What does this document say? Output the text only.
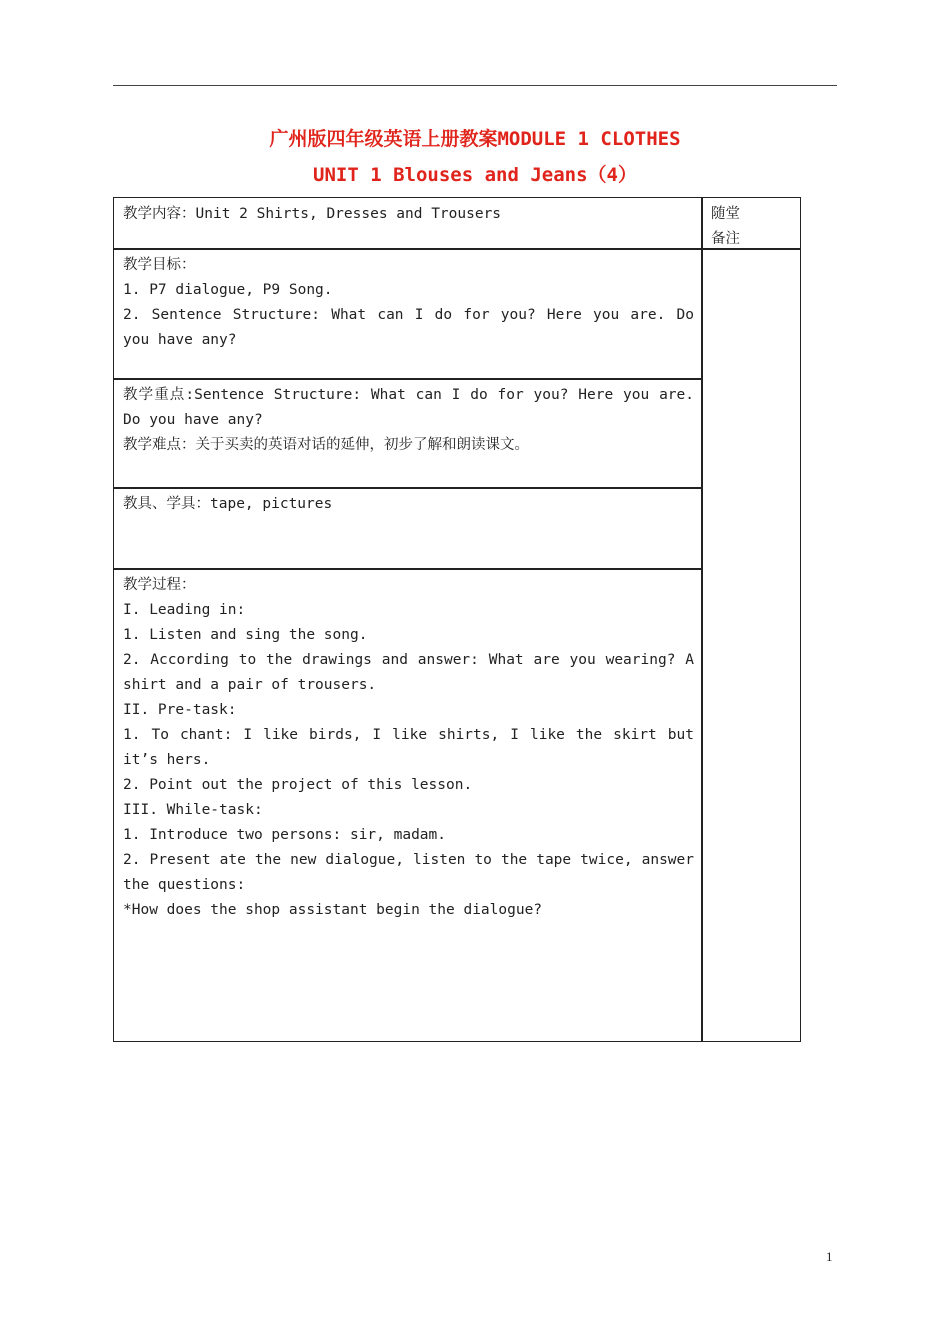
广州版四年级英语上册教案MODULE 1 CLOTHES
UNIT 1 Blouses and Jeans（4）
教学内容：Unit 2 Shirts, Dresses and Trousers	随堂
备注
教学目标：
1. P7 dialogue, P9 Song.
2. Sentence Structure: What can I do for you? Here you are. Do you have any?
教学重点:Sentence Structure: What can I do for you? Here you are. Do you have any?
教学难点：关于买卖的英语对话的延伸，初步了解和朗读课文。
教具、学具：tape, pictures
教学过程：
I. Leading in:
1. Listen and sing the song.
2. According to the drawings and answer: What are you wearing? A shirt and a pair of trousers.
II. Pre-task:
1. To chant: I like birds, I like shirts, I like the skirt but it’s hers.
2. Point out the project of this lesson.
III. While-task:
1. Introduce two persons: sir, madam.
2. Present ate the new dialogue, listen to the tape twice, answer the questions:
*How does the shop assistant begin the dialogue?
1
